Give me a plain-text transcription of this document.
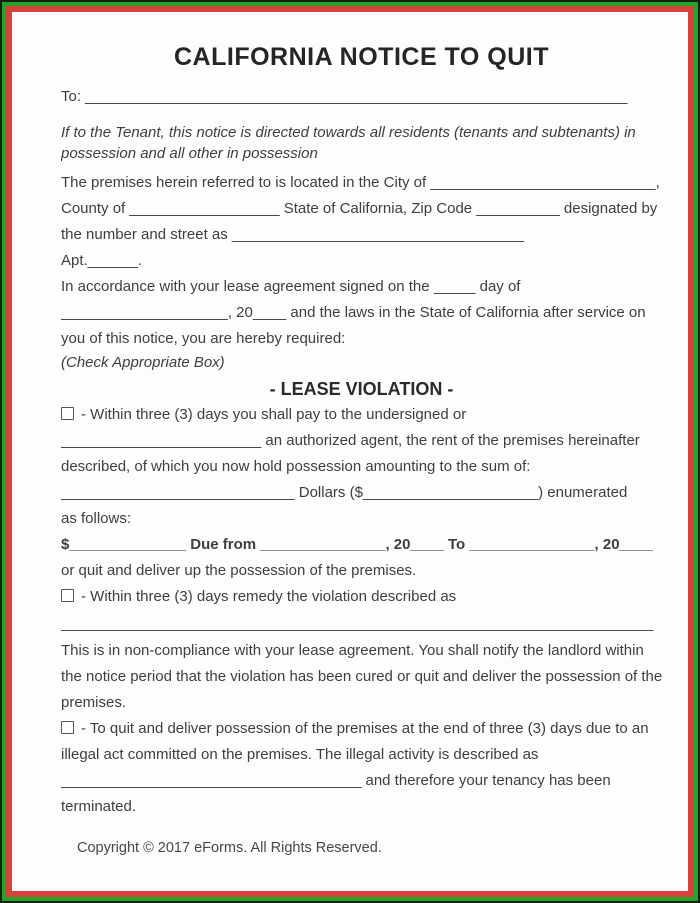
CALIFORNIA NOTICE TO QUIT
To: _________________________________________________________________
If to the Tenant, this notice is directed towards all residents (tenants and subtenants) in
possession and all other in possession
The premises herein referred to is located in the City of ___________________________,
County of __________________ State of California, Zip Code __________ designated by
the number and street as ___________________________________
Apt.______.
In accordance with your lease agreement signed on the _____ day of
____________________, 20____ and the laws in the State of California after service on
you of this notice, you are hereby required:
(Check Appropriate Box)
- LEASE VIOLATION -
- Within three (3) days you shall pay to the undersigned or
________________________ an authorized agent, the rent of the premises hereinafter
described, of which you now hold possession amounting to the sum of:
____________________________ Dollars ($_____________________) enumerated
as follows:
$______________ Due from _______________, 20____ To _______________, 20____
or quit and deliver up the possession of the premises.
- Within three (3) days remedy the violation described as
_______________________________________________________________________
This is in non-compliance with your lease agreement. You shall notify the landlord within
the notice period that the violation has been cured or quit and deliver the possession of the
premises.
- To quit and deliver possession of the premises at the end of three (3) days due to an
illegal act committed on the premises. The illegal activity is described as
____________________________________ and therefore your tenancy has been
terminated.
Copyright © 2017 eForms. All Rights Reserved.
